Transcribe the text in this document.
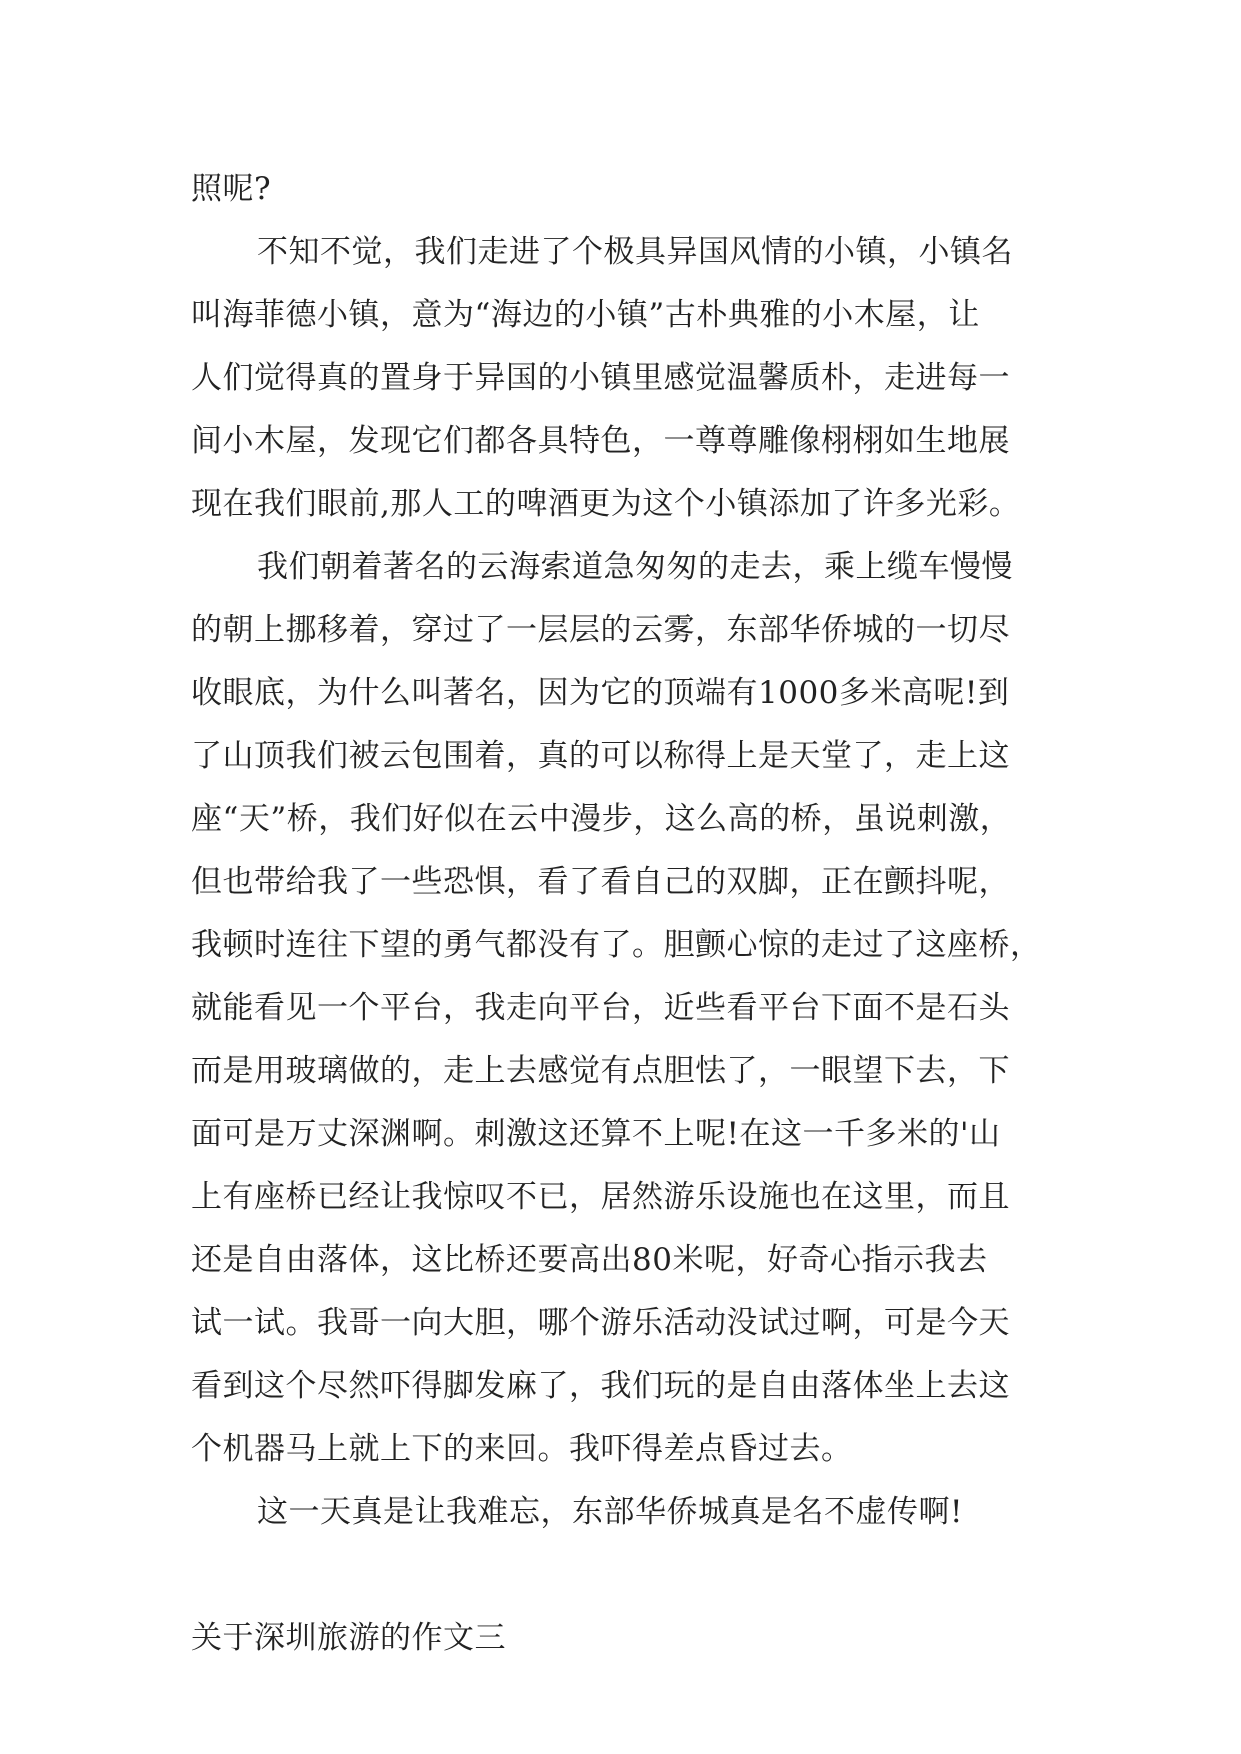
照呢?
不知不觉，我们走进了个极具异国风情的小镇，小镇名
叫海菲德小镇，意为“海边的小镇”古朴典雅的小木屋，让
人们觉得真的置身于异国的小镇里感觉温馨质朴，走进每一
间小木屋，发现它们都各具特色，一尊尊雕像栩栩如生地展
现在我们眼前,那人工的啤酒更为这个小镇添加了许多光彩。
我们朝着著名的云海索道急匆匆的走去，乘上缆车慢慢
的朝上挪移着，穿过了一层层的云雾，东部华侨城的一切尽
收眼底，为什么叫著名，因为它的顶端有1000多米高呢!到
了山顶我们被云包围着，真的可以称得上是天堂了，走上这
座“天”桥，我们好似在云中漫步，这么高的桥，虽说刺激，
但也带给我了一些恐惧，看了看自己的双脚，正在颤抖呢，
我顿时连往下望的勇气都没有了。胆颤心惊的走过了这座桥，
就能看见一个平台，我走向平台，近些看平台下面不是石头
而是用玻璃做的，走上去感觉有点胆怯了，一眼望下去，下
面可是万丈深渊啊。刺激这还算不上呢!在这一千多米的'山
上有座桥已经让我惊叹不已，居然游乐设施也在这里，而且
还是自由落体，这比桥还要高出80米呢，好奇心指示我去
试一试。我哥一向大胆，哪个游乐活动没试过啊，可是今天
看到这个尽然吓得脚发麻了，我们玩的是自由落体坐上去这
个机器马上就上下的来回。我吓得差点昏过去。
这一天真是让我难忘，东部华侨城真是名不虚传啊!
关于深圳旅游的作文三
